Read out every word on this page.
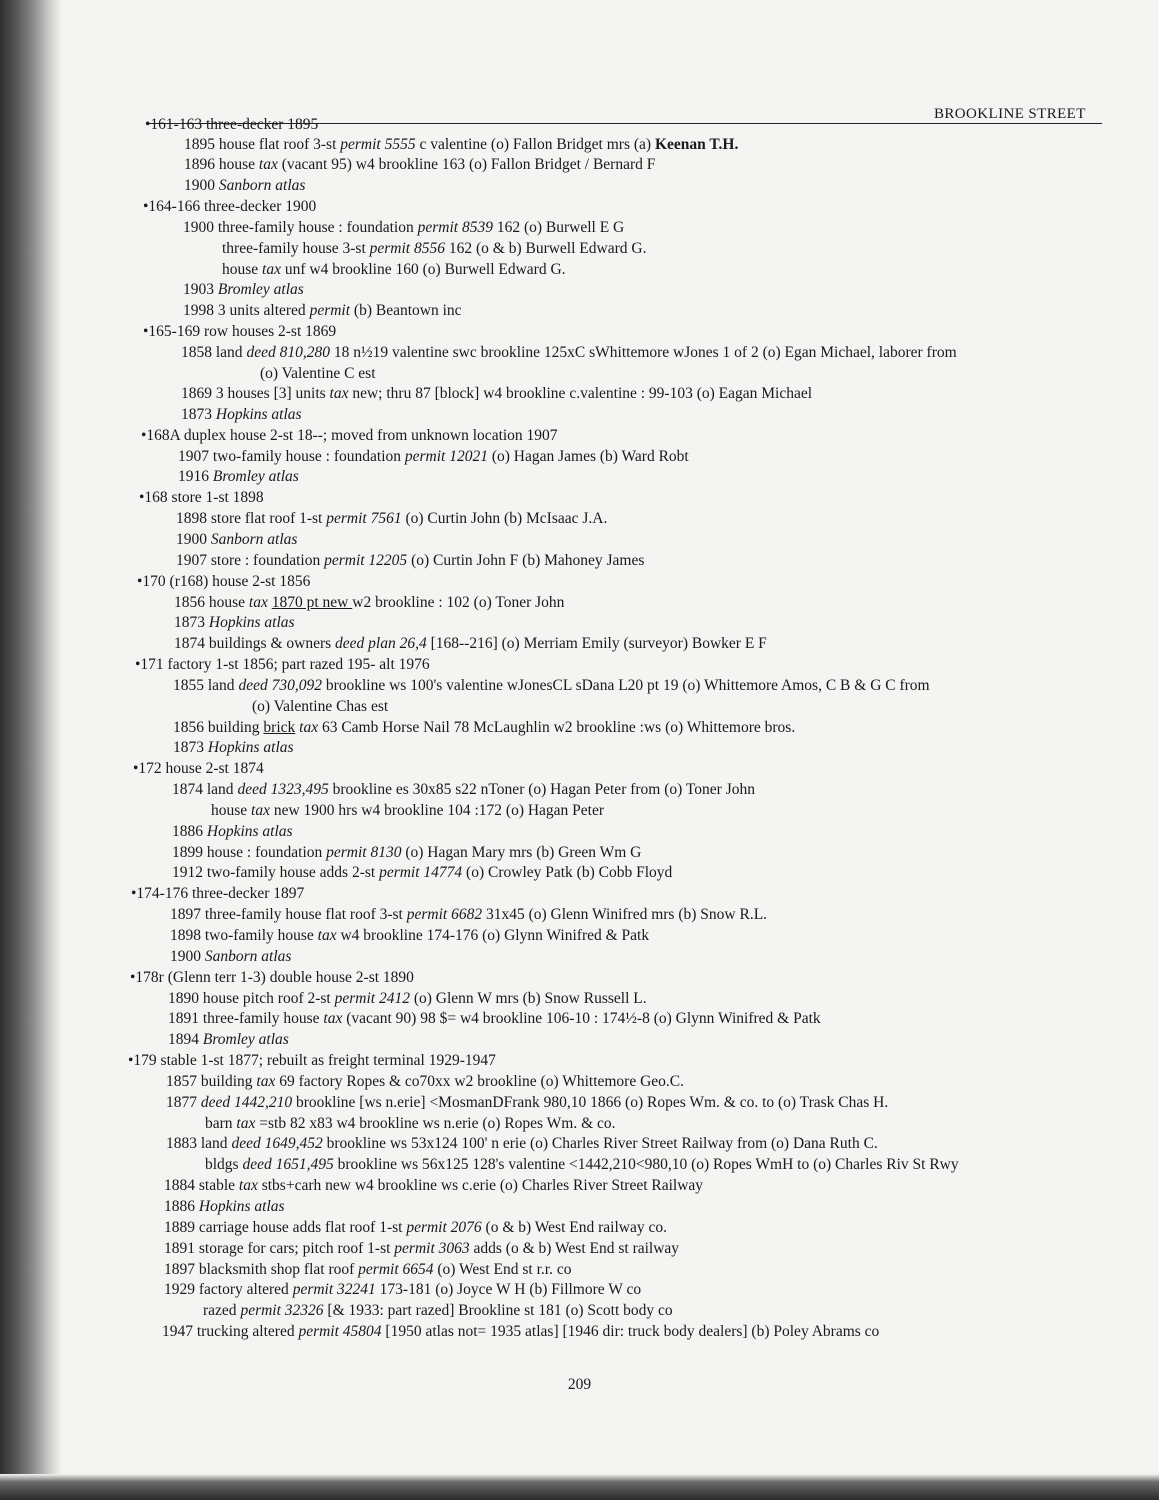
BROOKLINE STREET
•161-163 three-decker 1895
1895 house flat roof 3-st permit 5555 c valentine (o) Fallon Bridget mrs (a) Keenan T.H.
1896 house tax (vacant 95) w4 brookline 163 (o) Fallon Bridget / Bernard F
1900 Sanborn atlas
•164-166 three-decker 1900
1900 three-family house : foundation permit 8539 162 (o) Burwell E G
three-family house 3-st permit 8556 162 (o & b) Burwell Edward G.
house tax unf w4 brookline 160 (o) Burwell Edward G.
1903 Bromley atlas
1998 3 units altered permit (b) Beantown inc
•165-169 row houses 2-st 1869
1858 land deed 810,280 18 n½19 valentine swc brookline 125xC sWhittemore wJones 1 of 2 (o) Egan Michael, laborer from
(o) Valentine C est
1869 3 houses [3] units tax new; thru 87 [block] w4 brookline c.valentine : 99-103 (o) Eagan Michael
1873 Hopkins atlas
•168A duplex house 2-st 18--; moved from unknown location 1907
1907 two-family house : foundation permit 12021 (o) Hagan James (b) Ward Robt
1916 Bromley atlas
•168 store 1-st 1898
1898 store flat roof 1-st permit 7561 (o) Curtin John (b) McIsaac J.A.
1900 Sanborn atlas
1907 store : foundation permit 12205 (o) Curtin John F (b) Mahoney James
•170 (r168) house 2-st 1856
1856 house tax 1870 pt new w2 brookline : 102 (o) Toner John
1873 Hopkins atlas
1874 buildings & owners deed plan 26,4 [168--216] (o) Merriam Emily (surveyor) Bowker E F
•171 factory 1-st 1856; part razed 195- alt 1976
1855 land deed 730,092 brookline ws 100's valentine wJonesCL sDana L20 pt 19 (o) Whittemore Amos, C B & G C from
(o) Valentine Chas est
1856 building brick tax 63 Camb Horse Nail 78 McLaughlin w2 brookline :ws (o) Whittemore bros.
1873 Hopkins atlas
•172 house 2-st 1874
1874 land deed 1323,495 brookline es 30x85 s22 nToner (o) Hagan Peter from (o) Toner John
house tax new 1900 hrs w4 brookline 104 :172 (o) Hagan Peter
1886 Hopkins atlas
1899 house : foundation permit 8130 (o) Hagan Mary mrs (b) Green Wm G
1912 two-family house adds 2-st permit 14774 (o) Crowley Patk (b) Cobb Floyd
•174-176 three-decker 1897
1897 three-family house flat roof 3-st permit 6682 31x45 (o) Glenn Winifred mrs (b) Snow R.L.
1898 two-family house tax w4 brookline 174-176 (o) Glynn Winifred & Patk
1900 Sanborn atlas
•178r (Glenn terr 1-3) double house 2-st 1890
1890 house pitch roof 2-st permit 2412 (o) Glenn W mrs (b) Snow Russell L.
1891 three-family house tax (vacant 90) 98 $= w4 brookline 106-10 : 174½-8 (o) Glynn Winifred & Patk
1894 Bromley atlas
•179 stable 1-st 1877; rebuilt as freight terminal 1929-1947
1857 building tax 69 factory Ropes & co70xx w2 brookline (o) Whittemore Geo.C.
1877 deed 1442,210 brookline [ws n.erie] <MosmanDFrank 980,10 1866 (o) Ropes Wm. & co. to (o) Trask Chas H.
barn tax =stb 82 x83 w4 brookline ws n.erie (o) Ropes Wm. & co.
1883 land deed 1649,452 brookline ws 53x124 100' n erie (o) Charles River Street Railway from (o) Dana Ruth C.
bldgs deed 1651,495 brookline ws 56x125 128's valentine <1442,210<980,10 (o) Ropes WmH to (o) Charles Riv St Rwy
1884 stable tax stbs+carh new w4 brookline ws c.erie (o) Charles River Street Railway
1886 Hopkins atlas
1889 carriage house adds flat roof 1-st permit 2076 (o & b) West End railway co.
1891 storage for cars; pitch roof 1-st permit 3063 adds (o & b) West End st railway
1897 blacksmith shop flat roof permit 6654 (o) West End st r.r. co
1929 factory altered permit 32241 173-181 (o) Joyce W H (b) Fillmore W co
razed permit 32326 [& 1933: part razed] Brookline st 181 (o) Scott body co
1947 trucking altered permit 45804 [1950 atlas not= 1935 atlas] [1946 dir: truck body dealers] (b) Poley Abrams co
209
